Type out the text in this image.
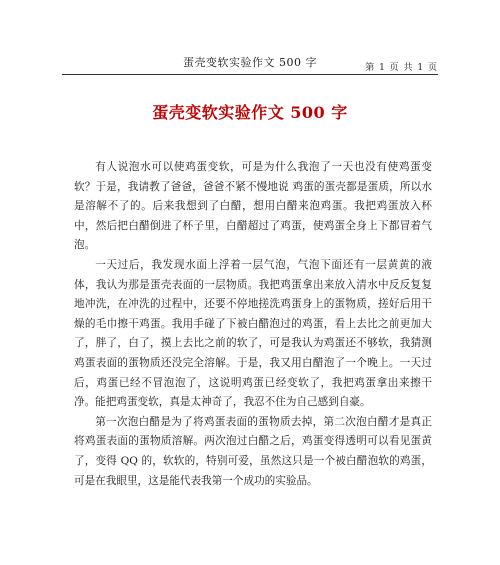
蛋壳变软实验作文 500 字	第 1 页 共 1 页
蛋壳变软实验作文 500 字

有人说泡水可以使鸡蛋变软，可是为什么我泡了一天也没有使鸡蛋变软？于是，我请教了爸爸，爸爸不紧不慢地说 鸡蛋的蛋壳都是蛋质，所以水是溶解不了的。后来我想到了白醋，想用白醋来泡鸡蛋。我把鸡蛋放入杯中，然后把白醋倒进了杯子里，白醋超过了鸡蛋，使鸡蛋全身上下都冒着气泡。

一天过后，我发现水面上浮着一层气泡，气泡下面还有一层黄黄的液体，我认为那是蛋壳表面的一层物质。我把鸡蛋拿出来放入清水中反反复复地冲洗，在冲洗的过程中，还要不停地搓洗鸡蛋身上的蛋物质，搓好后用干燥的毛巾擦干鸡蛋。我用手碰了下被白醋泡过的鸡蛋，看上去比之前更加大了，胖了，白了，摸上去比之前的软了，可是我认为鸡蛋还不够软，我猜测鸡蛋表面的蛋物质还没完全溶解。于是，我又用白醋泡了一个晚上。一天过后，鸡蛋已经不冒泡泡了，这说明鸡蛋已经变软了，我把鸡蛋拿出来擦干净。能把鸡蛋变软，真是太神奇了，我忍不住为自己感到自豪。

第一次泡白醋是为了将鸡蛋表面的蛋物质去掉，第二次泡白醋才是真正将鸡蛋表面的蛋物质溶解。两次泡过白醋之后，鸡蛋变得透明可以看见蛋黄了，变得 QQ 的，软软的，特别可爱，虽然这只是一个被白醋泡软的鸡蛋，可是在我眼里，这是能代表我第一个成功的实验品。
